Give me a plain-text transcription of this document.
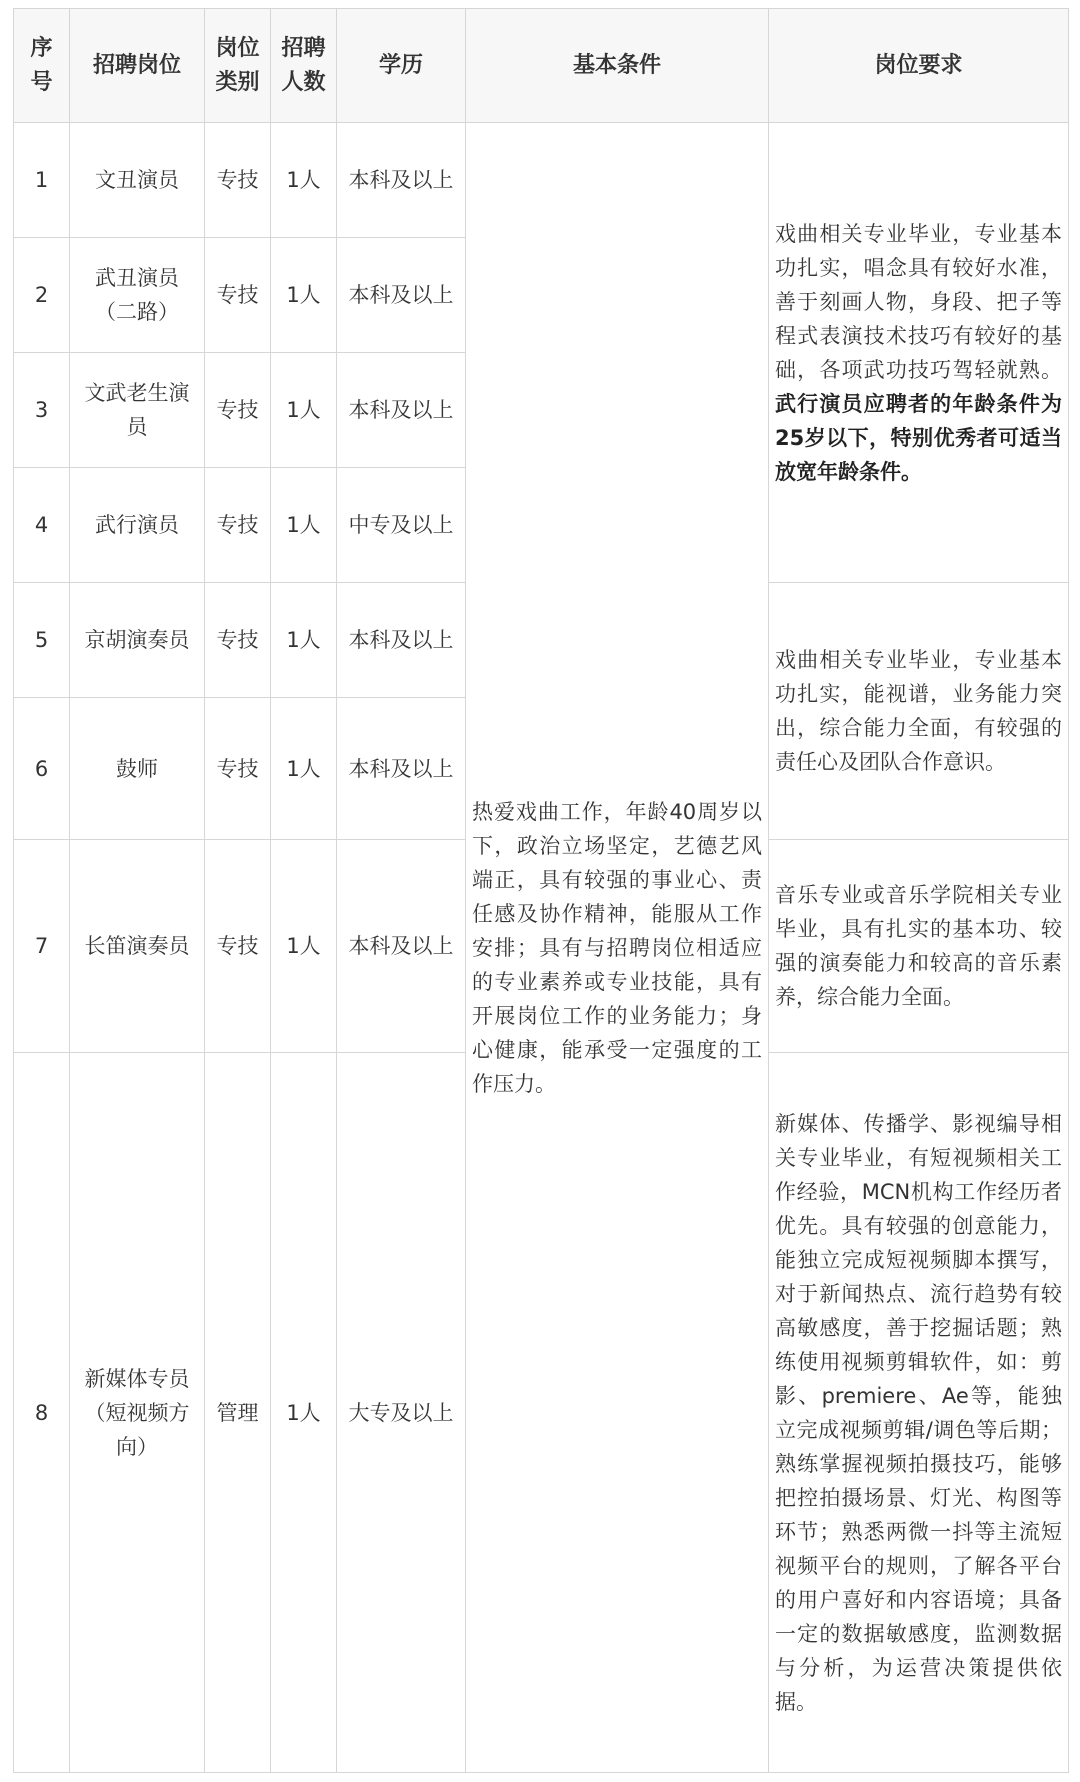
序号	招聘岗位	岗位类别	招聘人数	学历	基本条件	岗位要求
1	文丑演员	专技	1人	本科及以上	热爱戏曲工作，年龄40周岁以下，政治立场坚定，艺德艺风端正，具有较强的事业心、责任感及协作精神，能服从工作安排；具有与招聘岗位相适应的专业素养或专业技能，具有开展岗位工作的业务能力；身心健康，能承受一定强度的工作压力。	戏曲相关专业毕业，专业基本功扎实，唱念具有较好水准，善于刻画人物，身段、把子等程式表演技术技巧有较好的基础，各项武功技巧驾轻就熟。武行演员应聘者的年龄条件为25岁以下，特别优秀者可适当放宽年龄条件。
2	武丑演员（二路）	专技	1人	本科及以上		
3	文武老生演员	专技	1人	本科及以上		
4	武行演员	专技	1人	中专及以上		
5	京胡演奏员	专技	1人	本科及以上		戏曲相关专业毕业，专业基本功扎实，能视谱，业务能力突出，综合能力全面，有较强的责任心及团队合作意识。
6	鼓师	专技	1人	本科及以上		
7	长笛演奏员	专技	1人	本科及以上		音乐专业或音乐学院相关专业毕业，具有扎实的基本功、较强的演奏能力和较高的音乐素养，综合能力全面。
8	新媒体专员（短视频方向）	管理	1人	大专及以上		新媒体、传播学、影视编导相关专业毕业，有短视频相关工作经验，MCN机构工作经历者优先。具有较强的创意能力，能独立完成短视频脚本撰写，对于新闻热点、流行趋势有较高敏感度，善于挖掘话题；熟练使用视频剪辑软件，如：剪影、premiere、Ae等，能独立完成视频剪辑/调色等后期；熟练掌握视频拍摄技巧，能够把控拍摄场景、灯光、构图等环节；熟悉两微一抖等主流短视频平台的规则，了解各平台的用户喜好和内容语境；具备一定的数据敏感度，监测数据与分析，为运营决策提供依据。
